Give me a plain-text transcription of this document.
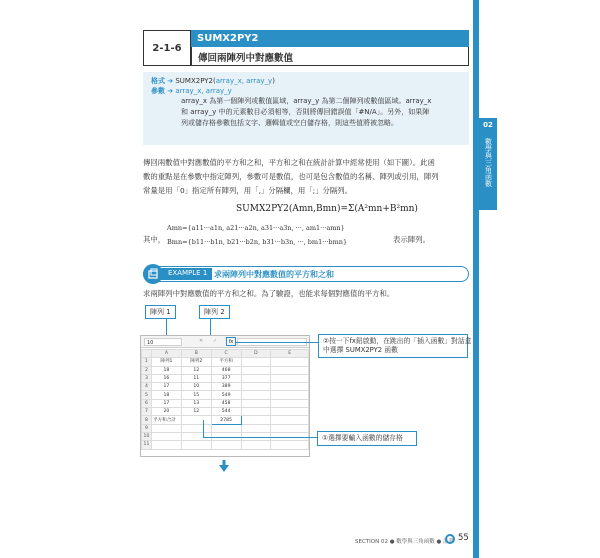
02
數學與三角函數
2-1-6
SUMX2PY2
傳回兩陣列中對應數值
格式 ➔ SUMX2PY2(array_x, array_y)
參數 ➔ array_x, array_y
array_x 為第一個陣列或數值區域，array_y 為第二個陣列或數值區域。array_x
和 array_y 中的元素數目必須相等，否則將傳回錯誤值「#N/A」。另外，如果陣
列或儲存格參數包括文字、邏輯值或空白儲存格，則這些值將被忽略。
傳回兩數值中對應數值的平方和之和，平方和之和在統計計算中經常使用（如下圖）。此函
數的重點是在參數中指定陣列，參數可是數值，也可是包含數值的名稱、陣列或引用，陣列
常量是用「0」指定所有陣列，用「,」分隔欄，用「;」分隔列。
SUMX2PY2(Amn,Bmn)=Σ(A²mn+B²mn)
其中，
Amn={a11···a1n, a21···a2n, a31···a3n, ···, am1···amn}
Bmn={b11···b1n, b21···b2n, b31···b3n, ···, bm1···bmn}	表示陣列。
EXAMPLE 1 求兩陣列中對應數值的平方和之和
求兩陣列中對應數值的平方和之和。為了驗證，也能求每個對應值的平方和。
陣列 1	陣列 2
10	✕ ✓	fx
	A	B	C	D	E
1	陣列1	陣列2	平方和		
2	18	12	468		
3	16	11	377		
4	17	10	389		
5	18	15	549		
6	17	13	458		
7	20	12	544		
8	平方和合計		2785		
9					
10					
11					
②按一下fx鈕啟動，在跳出的「插入函數」對話盒
中選擇 SUMX2PY2 函數
①選擇要輸入函數的儲存格
SECTION 02 ● 數學與三角函數 ● 計算 55
